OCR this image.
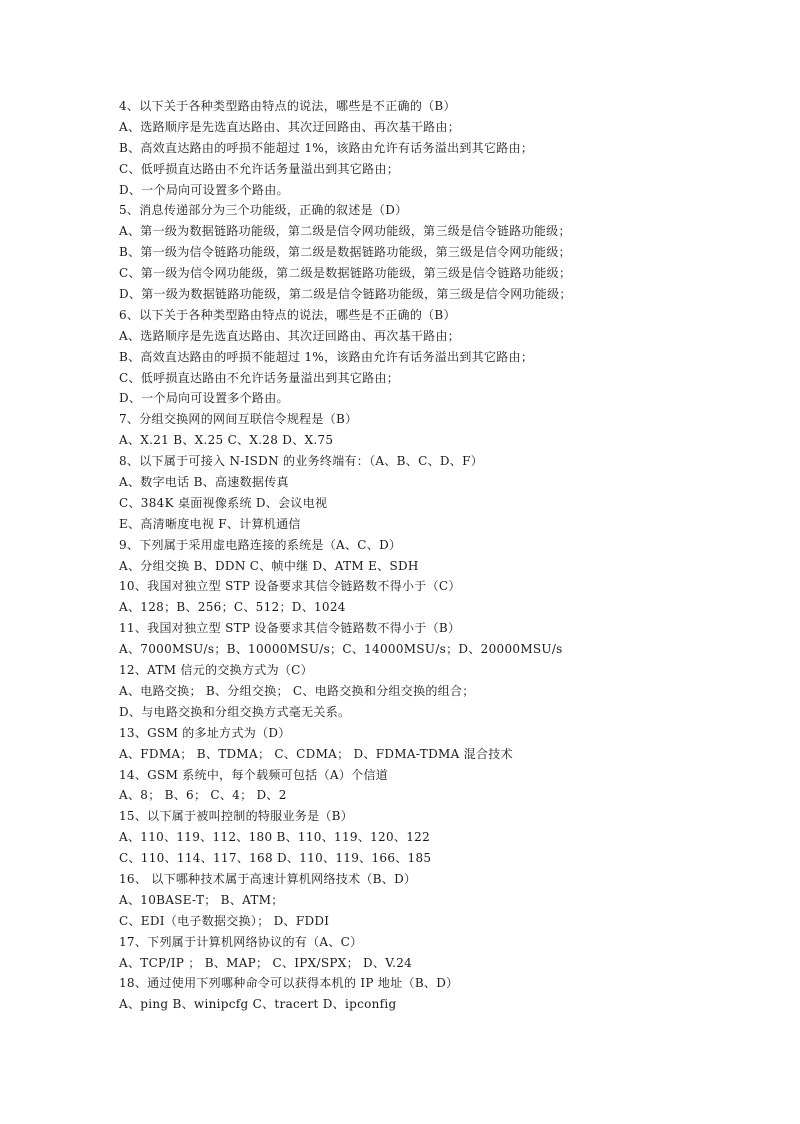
4、以下关于各种类型路由特点的说法，哪些是不正确的（B）
A、选路顺序是先选直达路由、其次迂回路由、再次基干路由；
B、高效直达路由的呼损不能超过 1%，该路由允许有话务溢出到其它路由；
C、低呼损直达路由不允许话务量溢出到其它路由；
D、一个局向可设置多个路由。
5、消息传递部分为三个功能级，正确的叙述是（D）
A、第一级为数据链路功能级，第二级是信令网功能级，第三级是信令链路功能级；
B、第一级为信令链路功能级，第二级是数据链路功能级，第三级是信令网功能级；
C、第一级为信令网功能级，第二级是数据链路功能级，第三级是信令链路功能级；
D、第一级为数据链路功能级，第二级是信令链路功能级，第三级是信令网功能级；
6、以下关于各种类型路由特点的说法，哪些是不正确的（B）
A、选路顺序是先选直达路由、其次迂回路由、再次基干路由；
B、高效直达路由的呼损不能超过 1%，该路由允许有话务溢出到其它路由；
C、低呼损直达路由不允许话务量溢出到其它路由；
D、一个局向可设置多个路由。
7、分组交换网的网间互联信令规程是（B）
A、X.21 B、X.25 C、X.28 D、X.75
8、以下属于可接入 N-ISDN 的业务终端有：（A、B、C、D、F）
A、数字电话 B、高速数据传真
C、384K 桌面视像系统 D、会议电视
E、高清晰度电视 F、计算机通信
9、下列属于采用虚电路连接的系统是（A、C、D）
A、分组交换 B、DDN C、帧中继 D、ATM E、SDH
10、我国对独立型 STP 设备要求其信令链路数不得小于（C）
A、128；B、256；C、512；D、1024
11、我国对独立型 STP 设备要求其信令链路数不得小于（B）
A、7000MSU/s；B、10000MSU/s；C、14000MSU/s；D、20000MSU/s
12、ATM 信元的交换方式为（C）
A、电路交换； B、分组交换； C、电路交换和分组交换的组合；
D、与电路交换和分组交换方式毫无关系。
13、GSM 的多址方式为（D）
A、FDMA； B、TDMA； C、CDMA； D、FDMA-TDMA 混合技术
14、GSM 系统中，每个载频可包括（A）个信道
A、8； B、6； C、4； D、2
15、以下属于被叫控制的特服业务是（B）
A、110、119、112、180 B、110、119、120、122
C、110、114、117、168 D、110、119、166、185
16、 以下哪种技术属于高速计算机网络技术（B、D）
A、10BASE-T； B、ATM；
C、EDI（电子数据交换）； D、FDDI
17、下列属于计算机网络协议的有（A、C）
A、TCP/IP ； B、MAP； C、IPX/SPX； D、V.24
18、通过使用下列哪种命令可以获得本机的 IP 地址（B、D）
A、ping B、winipcfg C、tracert D、ipconfig
